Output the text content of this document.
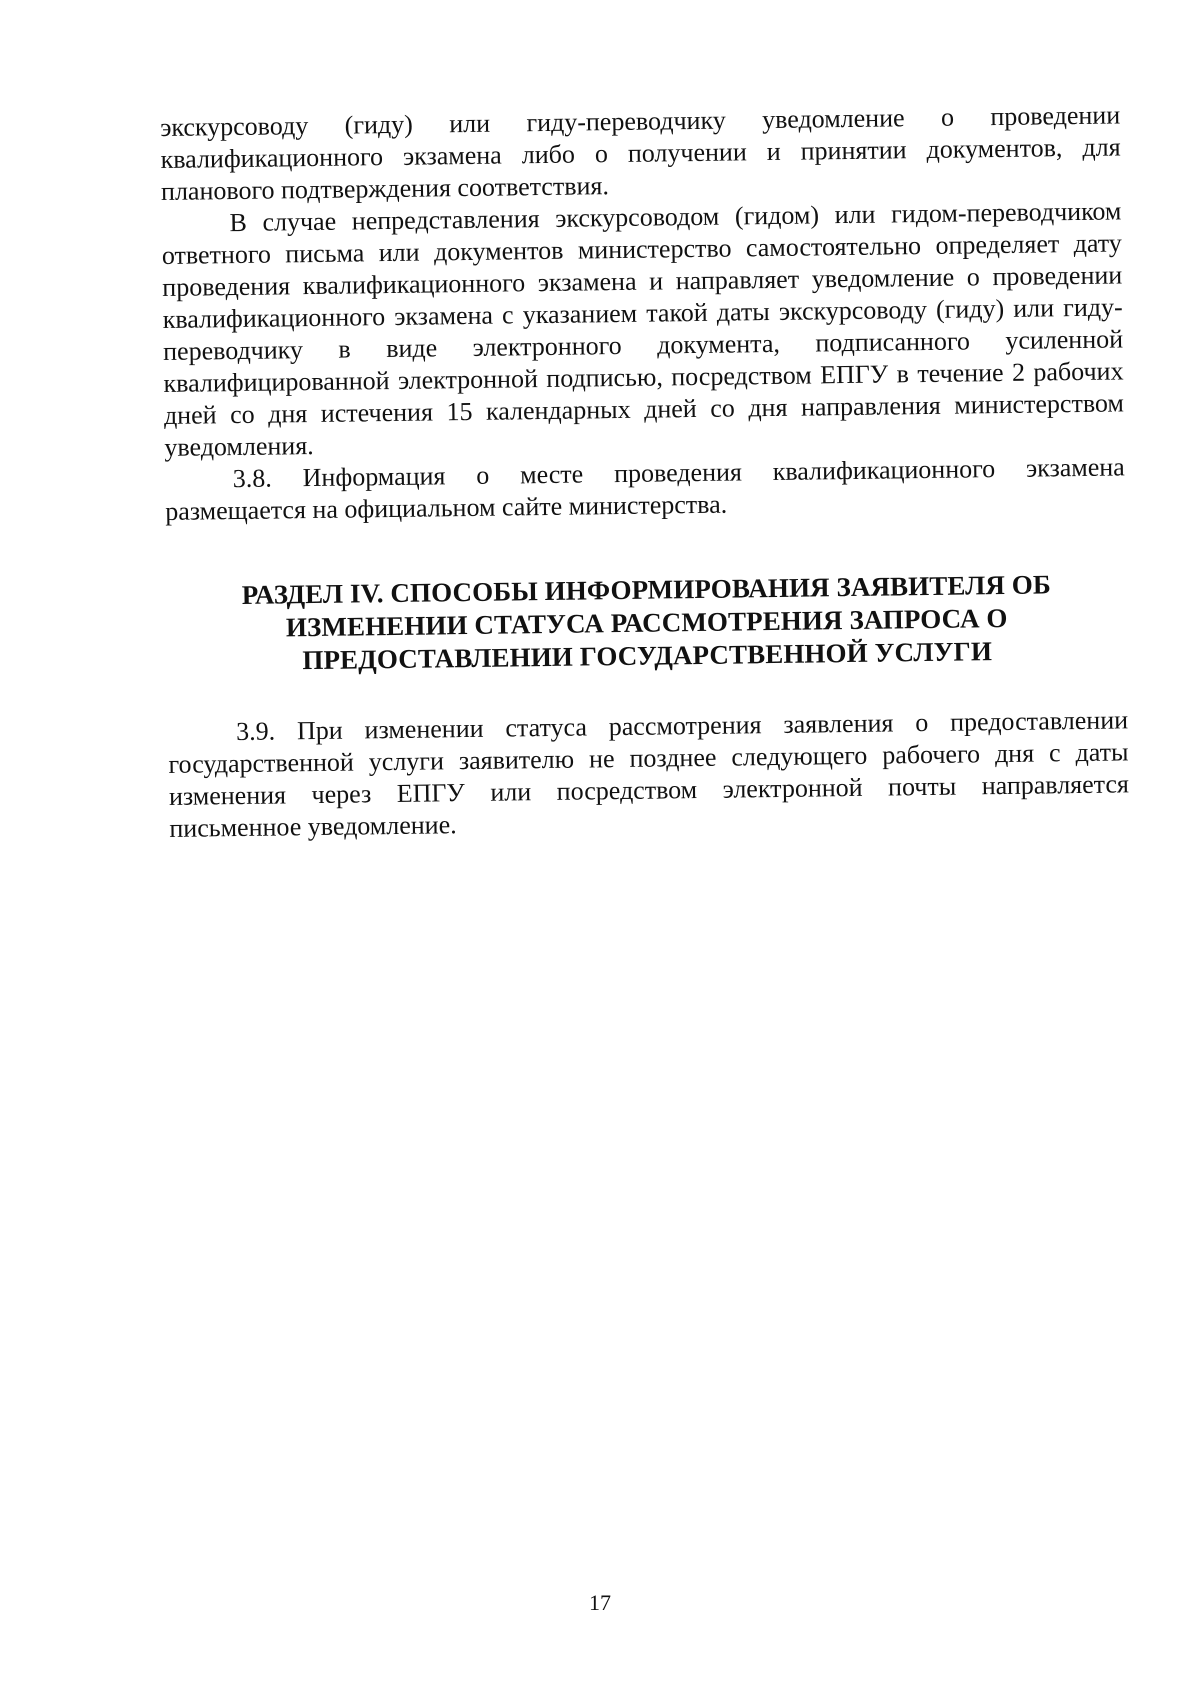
экскурсоводу (гиду) или гиду-переводчику уведомление о проведении квалификационного экзамена либо о получении и принятии документов, для планового подтверждения соответствия.

В случае непредставления экскурсоводом (гидом) или гидом-переводчиком ответного письма или документов министерство самостоятельно определяет дату проведения квалификационного экзамена и направляет уведомление о проведении квалификационного экзамена с указанием такой даты экскурсоводу (гиду) или гиду-переводчику в виде электронного документа, подписанного усиленной квалифицированной электронной подписью, посредством ЕПГУ в течение 2 рабочих дней со дня истечения 15 календарных дней со дня направления министерством уведомления.

3.8. Информация о месте проведения квалификационного экзамена размещается на официальном сайте министерства.

РАЗДЕЛ IV. СПОСОБЫ ИНФОРМИРОВАНИЯ ЗАЯВИТЕЛЯ ОБ
ИЗМЕНЕНИИ СТАТУСА РАССМОТРЕНИЯ ЗАПРОСА О
ПРЕДОСТАВЛЕНИИ ГОСУДАРСТВЕННОЙ УСЛУГИ

3.9. При изменении статуса рассмотрения заявления о предоставлении государственной услуги заявителю не позднее следующего рабочего дня с даты изменения через ЕПГУ или посредством электронной почты направляется письменное уведомление.

17
